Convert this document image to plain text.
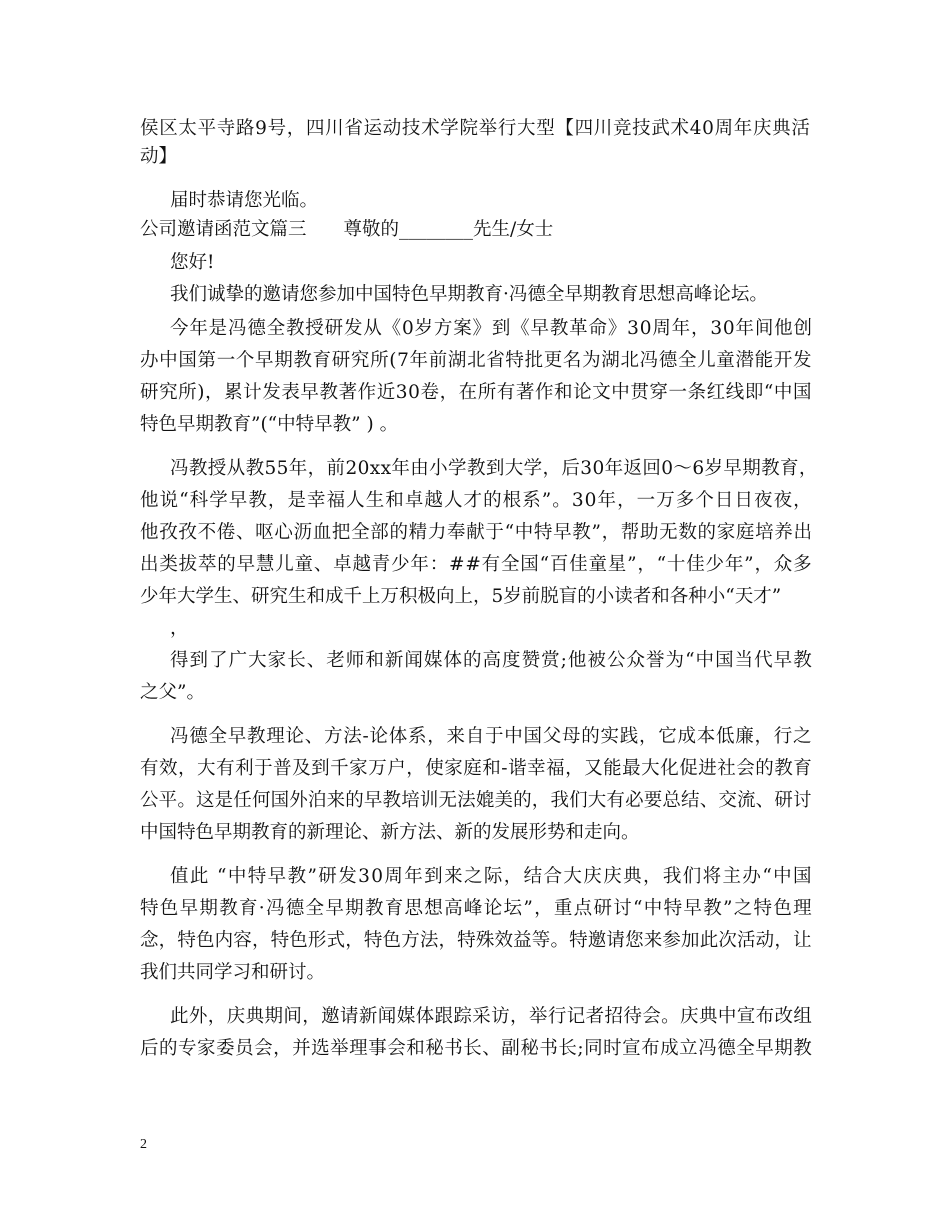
侯 区 太 平 寺 路 9 号 ， 四 川 省 运 动 技 术 学 院 举 行 大 型 【 四 川 竞 技 武 术 4 0 周 年 庆 典 活
动】
届时恭请您光临。
公司邀请函范文篇三　　尊敬的________先生/女士
您好!
我们诚挚的邀请您参加中国特色早期教育·冯德全早期教育思想高峰论坛。
今 年 是 冯 德 全 教 授 研 发 从 《 0 岁 方 案 》 到 《 早 教 革 命 》 3 0 周 年 ， 3 0 年 间 他 创
办 中 国 第 一 个 早 期 教 育 研 究 所 ( 7 年 前 湖 北 省 特 批 更 名 为 湖 北 冯 德 全 儿 童 潜 能 开 发
研 究 所 ) ， 累 计 发 表 早 教 著 作 近 3 0 卷 ， 在 所 有 著 作 和 论 文 中 贯 穿 一 条 红 线 即 “ 中 国
特色早期教育”(“中特早教” ) 。
冯 教 授 从 教 5 5 年 ， 前 2 0 x x 年 由 小 学 教 到 大 学 ， 后 3 0 年 返 回 0 ～ 6 岁 早 期 教 育 ，
他 说 “ 科 学 早 教 ， 是 幸 福 人 生 和 卓 越 人 才 的 根 系 ” 。 3 0 年 ， 一 万 多 个 日 日 夜 夜 ，
他 孜 孜 不 倦 、 呕 心 沥 血 把 全 部 的 精 力 奉 献 于 “ 中 特 早 教 ” ， 帮 助 无 数 的 家 庭 培 养 出
出 类 拔 萃 的 早 慧 儿 童 、 卓 越 青 少 年 ： # # 有 全 国 “ 百 佳 童 星 ” ， “ 十 佳 少 年 ” ， 众 多
少年大学生、研究生和成千上万积极向上，5岁前脱盲的小读者和各种小“天才”
，
得 到 了 广 大 家 长 、 老 师 和 新 闻 媒 体 的 高 度 赞 赏 ; 他 被 公 众 誉 为 “ 中 国 当 代 早 教
之父”。
冯 德 全 早 教 理 论 、 方 法 - 论 体 系 ， 来 自 于 中 国 父 母 的 实 践 ， 它 成 本 低 廉 ， 行 之
有 效 ， 大 有 利 于 普 及 到 千 家 万 户 ， 使 家 庭 和 - 谐 幸 福 ， 又 能 最 大 化 促 进 社 会 的 教 育
公 平 。 这 是 任 何 国 外 泊 来 的 早 教 培 训 无 法 媲 美 的 ， 我 们 大 有 必 要 总 结 、 交 流 、 研 讨
中国特色早期教育的新理论、新方法、新的发展形势和走向。
值 此
“ 中 特 早 教 ” 研 发 3 0 周 年 到 来 之 际 ， 结 合 大 庆 庆 典 ， 我 们 将 主 办 “ 中 国
特 色 早 期 教 育 · 冯 德 全 早 期 教 育 思 想 高 峰 论 坛 ” ， 重 点 研 讨 “ 中 特 早 教 ” 之 特 色 理
念 ， 特 色 内 容 ， 特 色 形 式 ， 特 色 方 法 ， 特 殊 效 益 等 。 特 邀 请 您 来 参 加 此 次 活 动 ， 让
我们共同学习和研讨。
此 外 ， 庆 典 期 间 ， 邀 请 新 闻 媒 体 跟 踪 采 访 ， 举 行 记 者 招 待 会 。 庆 典 中 宣 布 改 组
后 的 专 家 委 员 会 ， 并 选 举 理 事 会 和 秘 书 长 、 副 秘 书 长 ; 同 时 宣 布 成 立 冯 德 全 早 期 教
2
